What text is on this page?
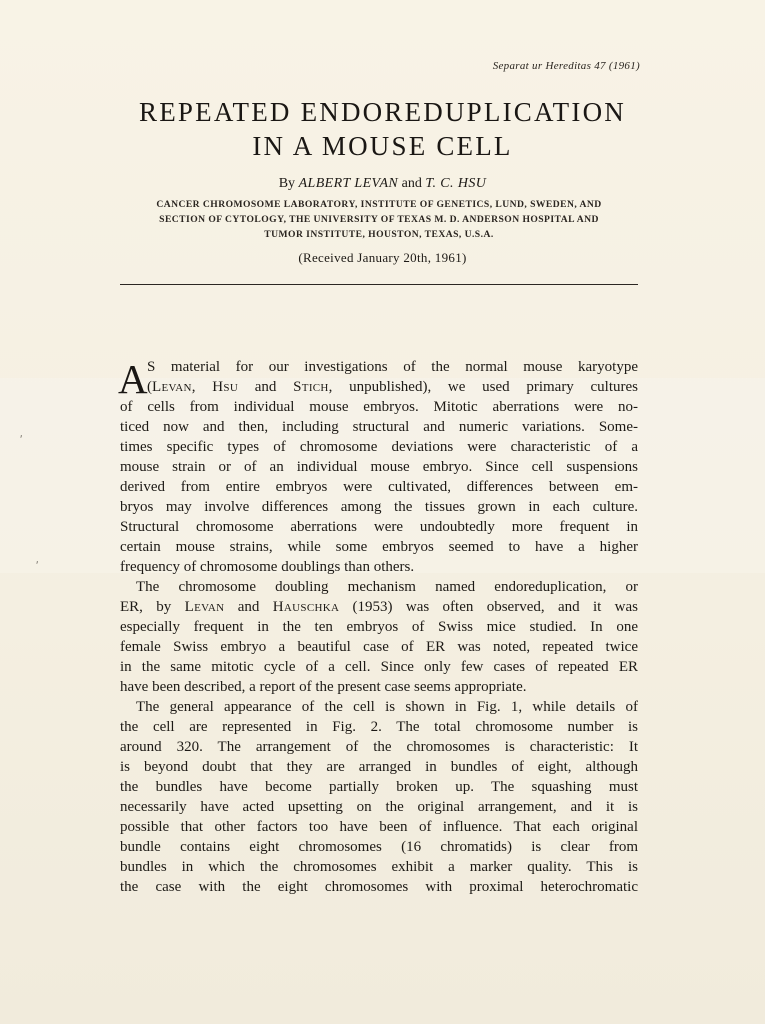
Separat ur Hereditas 47 (1961)
REPEATED ENDOREDUPLICATION
IN A MOUSE CELL
By ALBERT LEVAN and T. C. HSU
CANCER CHROMOSOME LABORATORY, INSTITUTE OF GENETICS, LUND, SWEDEN, AND
SECTION OF CYTOLOGY, THE UNIVERSITY OF TEXAS M. D. ANDERSON HOSPITAL AND
TUMOR INSTITUTE, HOUSTON, TEXAS, U.S.A.
(Received January 20th, 1961)
A S material for our investigations of the normal mouse karyotype
(Levan, Hsu and Stich, unpublished), we used primary cultures
of cells from individual mouse embryos. Mitotic aberrations were no-
ticed now and then, including structural and numeric variations. Some-
times specific types of chromosome deviations were characteristic of a
mouse strain or of an individual mouse embryo. Since cell suspensions
derived from entire embryos were cultivated, differences between em-
bryos may involve differences among the tissues grown in each culture.
Structural chromosome aberrations were undoubtedly more frequent in
certain mouse strains, while some embryos seemed to have a higher
frequency of chromosome doublings than others.
The chromosome doubling mechanism named endoreduplication, or
ER, by Levan and Hauschka (1953) was often observed, and it was
especially frequent in the ten embryos of Swiss mice studied. In one
female Swiss embryo a beautiful case of ER was noted, repeated twice
in the same mitotic cycle of a cell. Since only few cases of repeated ER
have been described, a report of the present case seems appropriate.
The general appearance of the cell is shown in Fig. 1, while details of
the cell are represented in Fig. 2. The total chromosome number is
around 320. The arrangement of the chromosomes is characteristic: It
is beyond doubt that they are arranged in bundles of eight, although
the bundles have become partially broken up. The squashing must
necessarily have acted upsetting on the original arrangement, and it is
possible that other factors too have been of influence. That each original
bundle contains eight chromosomes (16 chromatids) is clear from
bundles in which the chromosomes exhibit a marker quality. This is
the case with the eight chromosomes with proximal heterochromatic
ʹ
ʹ
